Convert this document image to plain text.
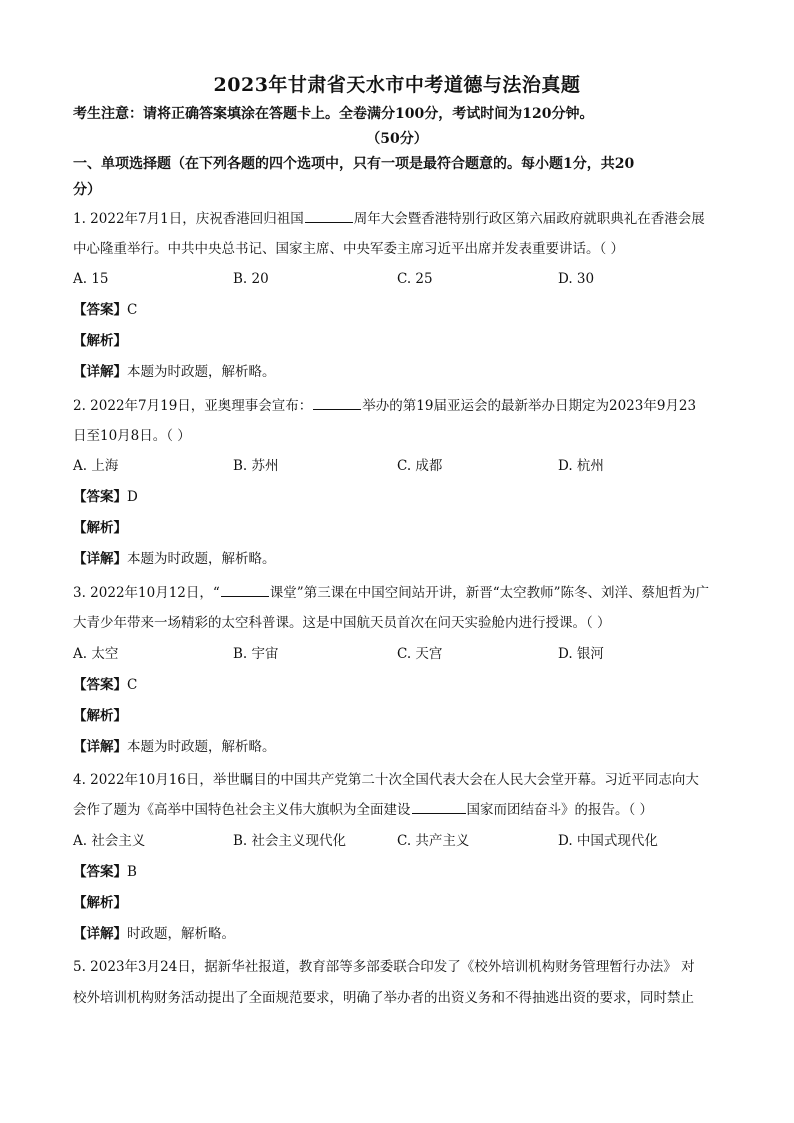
2023年甘肃省天水市中考道德与法治真题
考生注意：请将正确答案填涂在答题卡上。全卷满分100分，考试时间为120分钟。
（50分）
一、单项选择题（在下列各题的四个选项中，只有一项是最符合题意的。每小题1分，共20
分）
1. 2022年7月1日，庆祝香港回归祖国	周年大会暨香港特别行政区第六届政府就职典礼在香港会展
中心隆重举行。中共中央总书记、国家主席、中央军委主席习近平出席并发表重要讲话。（ ）
A. 15	B. 20	C. 25	D. 30
【答案】C
【解析】
【详解】本题为时政题，解析略。
2. 2022年7月19日，亚奥理事会宣布：	举办的第19届亚运会的最新举办日期定为2023年9月23
日至10月8日。（ ）
A. 上海	B. 苏州	C. 成都	D. 杭州
【答案】D
【解析】
【详解】本题为时政题，解析略。
3. 2022年10月12日，“	课堂”第三课在中国空间站开讲，新晋“太空教师”陈冬、刘洋、蔡旭哲为广
大青少年带来一场精彩的太空科普课。这是中国航天员首次在问天实验舱内进行授课。（ ）
A. 太空	B. 宇宙	C. 天宫	D. 银河
【答案】C
【解析】
【详解】本题为时政题，解析略。
4. 2022年10月16日，举世瞩目的中国共产党第二十次全国代表大会在人民大会堂开幕。习近平同志向大
会作了题为《高举中国特色社会主义伟大旗帜为全面建设	国家而团结奋斗》的报告。（ ）
A. 社会主义	B. 社会主义现代化	C. 共产主义	D. 中国式现代化
【答案】B
【解析】
【详解】时政题，解析略。
5. 2023年3月24日，据新华社报道，教育部等多部委联合印发了《校外培训机构财务管理暂行办法》 对
校外培训机构财务活动提出了全面规范要求，明确了举办者的出资义务和不得抽逃出资的要求，同时禁止
